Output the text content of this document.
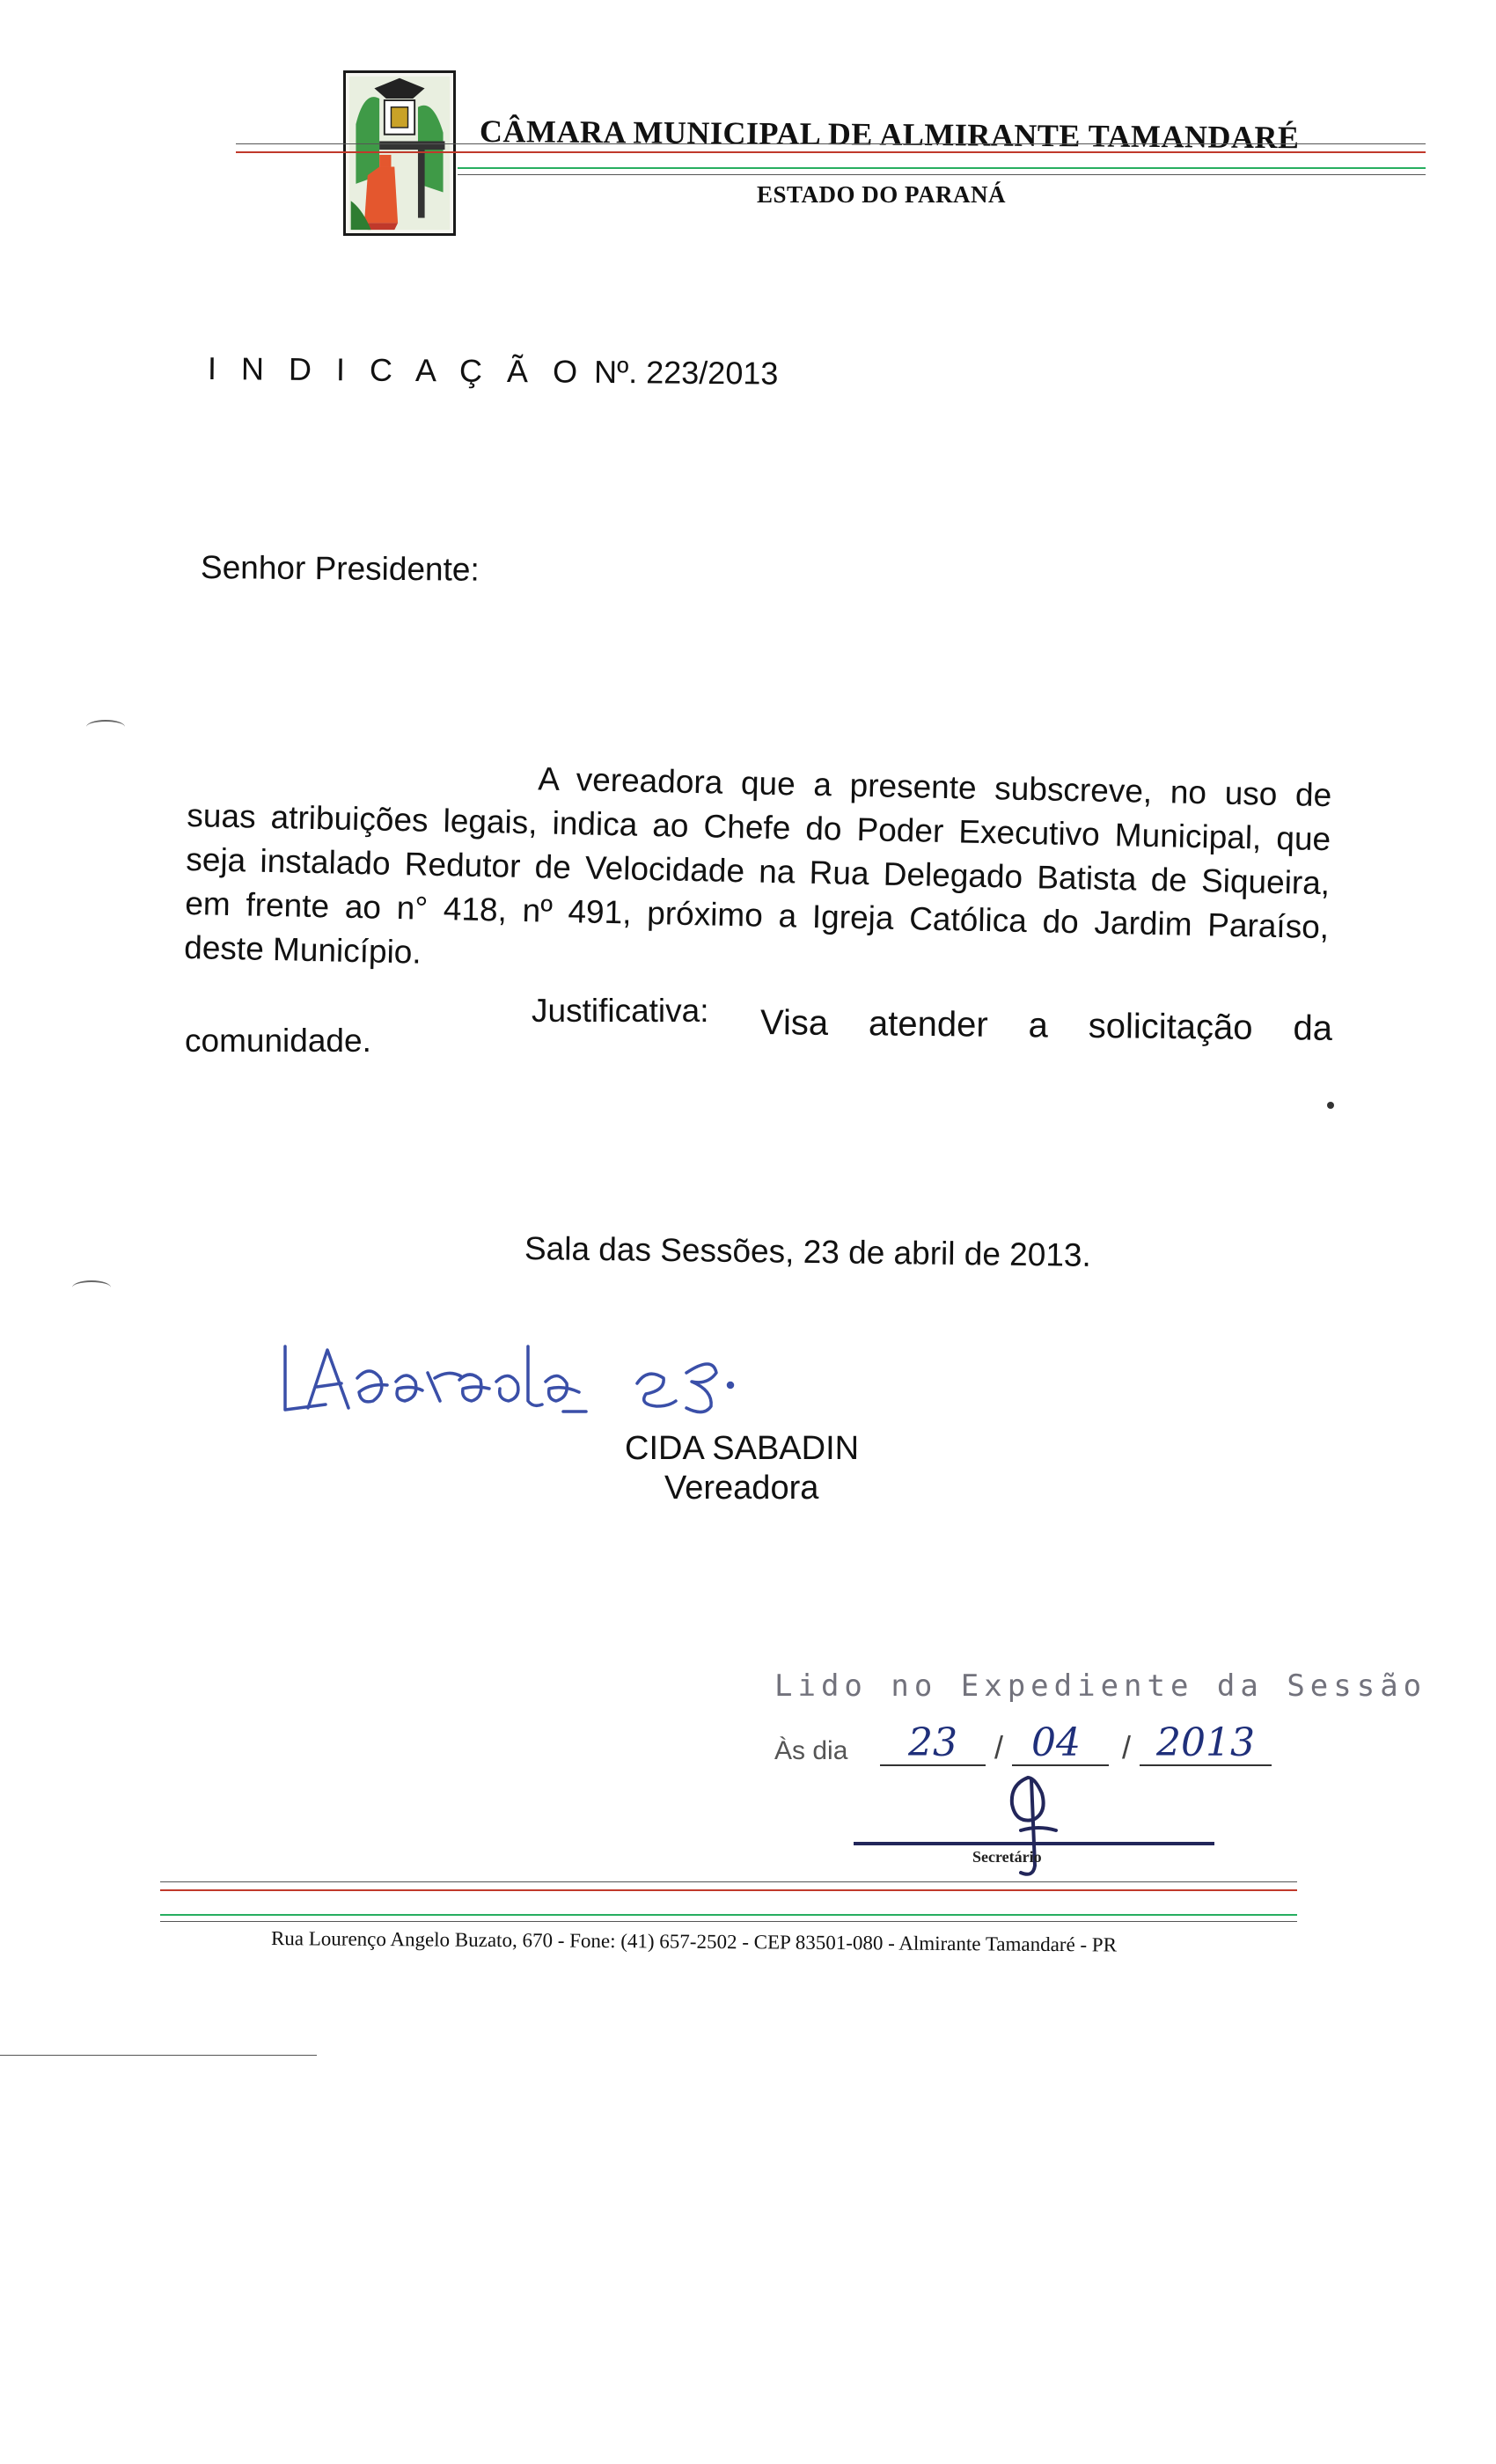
CÂMARA MUNICIPAL DE ALMIRANTE TAMANDARÉ
ESTADO DO PARANÁ
I N D I C A Ç Ã O Nº. 223/2013
Senhor Presidente:
A vereadora que a presente subscreve, no uso de suas atribuições legais, indica ao Chefe do Poder Executivo Municipal, que seja instalado Redutor de Velocidade na Rua Delegado Batista de Siqueira, em frente ao n° 418, nº 491, próximo a Igreja Católica do Jardim Paraíso, deste Município.
Justificativa: Visa atender a solicitação da
comunidade.
Sala das Sessões, 23 de abril de 2013.
CIDA SABADIN
Vereadora
Lido no Expediente da Sessão
Às dia	23	/ 04	/ 2013
Secretário
Rua Lourenço Angelo Buzato, 670 - Fone: (41) 657-2502 - CEP 83501-080 - Almirante Tamandaré - PR
